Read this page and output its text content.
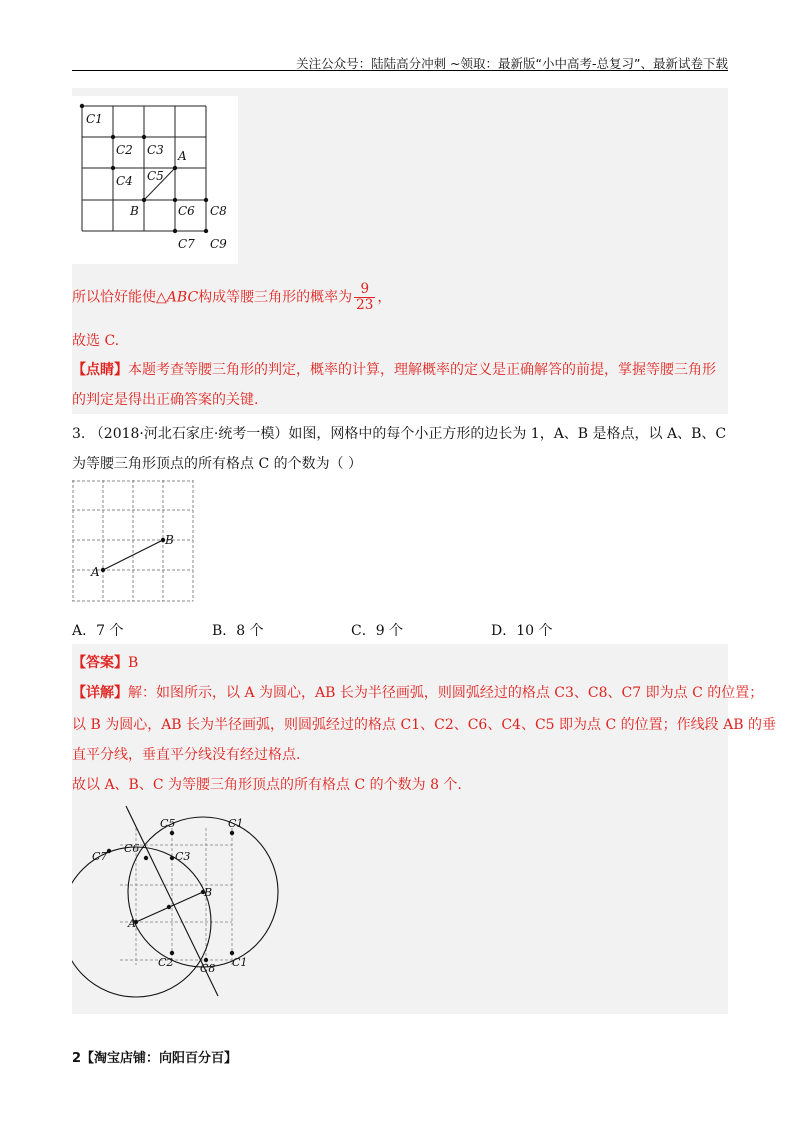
关注公众号：陆陆高分冲刺 ~领取：最新版“小中高考-总复习”、最新试卷下载
C1
C2 C3 A
C4 C5
B	C6 C8
C7 C9
所以恰好能使△ABC构成等腰三角形的概率为 $\frac{9}{23}$ ，
故选 C.
【点睛】本题考查等腰三角形的判定，概率的计算，理解概率的定义是正确解答的前提，掌握等腰三角形
的判定是得出正确答案的关键.
3. （2018·河北石家庄·统考一模）如图，网格中的每个小正方形的边长为 1，A、B 是格点，以 A、B、C
为等腰三角形顶点的所有格点 C 的个数为（ ）
A
B
A．7 个	B．8 个	C．9 个	D．10 个
【答案】B
【详解】解：如图所示，以 A 为圆心，AB 长为半径画弧，则圆弧经过的格点 C3、C8、C7 即为点 C 的位置；
以 B 为圆心，AB 长为半径画弧，则圆弧经过的格点 C1、C2、C6、C4、C5 即为点 C 的位置；作线段 AB 的垂
直平分线，垂直平分线没有经过格点.
故以 A、B、C 为等腰三角形顶点的所有格点 C 的个数为 8 个.
C5	C1
C6
C3
C7
B
A
C2 C8 C1
2【淘宝店铺：向阳百分百】
